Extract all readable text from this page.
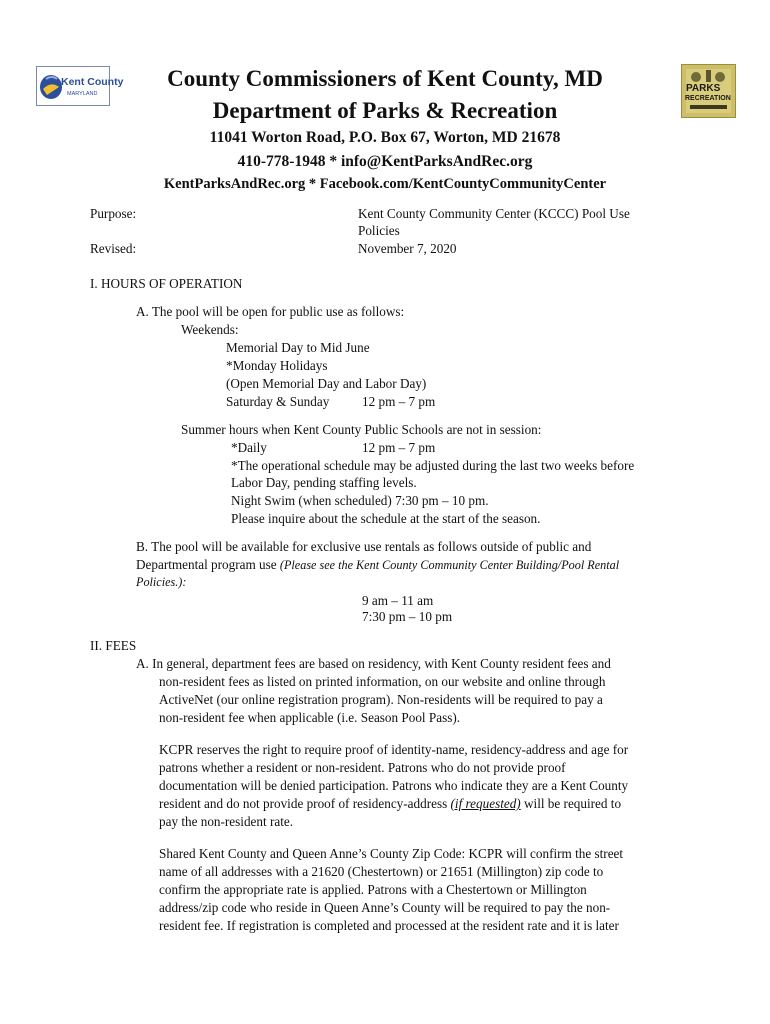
Kent County
MARYLAND	PARKS
RECREATION
County Commissioners of Kent County, MD
Department of Parks & Recreation
11041 Worton Road, P.O. Box 67, Worton, MD 21678
410-778-1948 * info@KentParksAndRec.org
KentParksAndRec.org * Facebook.com/KentCountyCommunityCenter
Purpose:	Kent County Community Center (KCCC) Pool Use
Policies
Revised:	November 7, 2020
I. HOURS OF OPERATION
A. The pool will be open for public use as follows:
Weekends:
Memorial Day to Mid June
*Monday Holidays
(Open Memorial Day and Labor Day)
Saturday & Sunday 12 pm – 7 pm
Summer hours when Kent County Public Schools are not in session:
*Daily	12 pm – 7 pm
*The operational schedule may be adjusted during the last two weeks before
Labor Day, pending staffing levels.
Night Swim (when scheduled) 7:30 pm – 10 pm.
Please inquire about the schedule at the start of the season.
B. The pool will be available for exclusive use rentals as follows outside of public and
Departmental program use (Please see the Kent County Community Center Building/Pool Rental
Policies.):
9 am – 11 am
7:30 pm – 10 pm
II. FEES
A. In general, department fees are based on residency, with Kent County resident fees and
non-resident fees as listed on printed information, on our website and online through
ActiveNet (our online registration program). Non-residents will be required to pay a
non-resident fee when applicable (i.e. Season Pool Pass).
KCPR reserves the right to require proof of identity-name, residency-address and age for
patrons whether a resident or non-resident. Patrons who do not provide proof
documentation will be denied participation. Patrons who indicate they are a Kent County
resident and do not provide proof of residency-address (if requested) will be required to
pay the non-resident rate.
Shared Kent County and Queen Anne’s County Zip Code: KCPR will confirm the street
name of all addresses with a 21620 (Chestertown) or 21651 (Millington) zip code to
confirm the appropriate rate is applied. Patrons with a Chestertown or Millington
address/zip code who reside in Queen Anne’s County will be required to pay the non-
resident fee. If registration is completed and processed at the resident rate and it is later
